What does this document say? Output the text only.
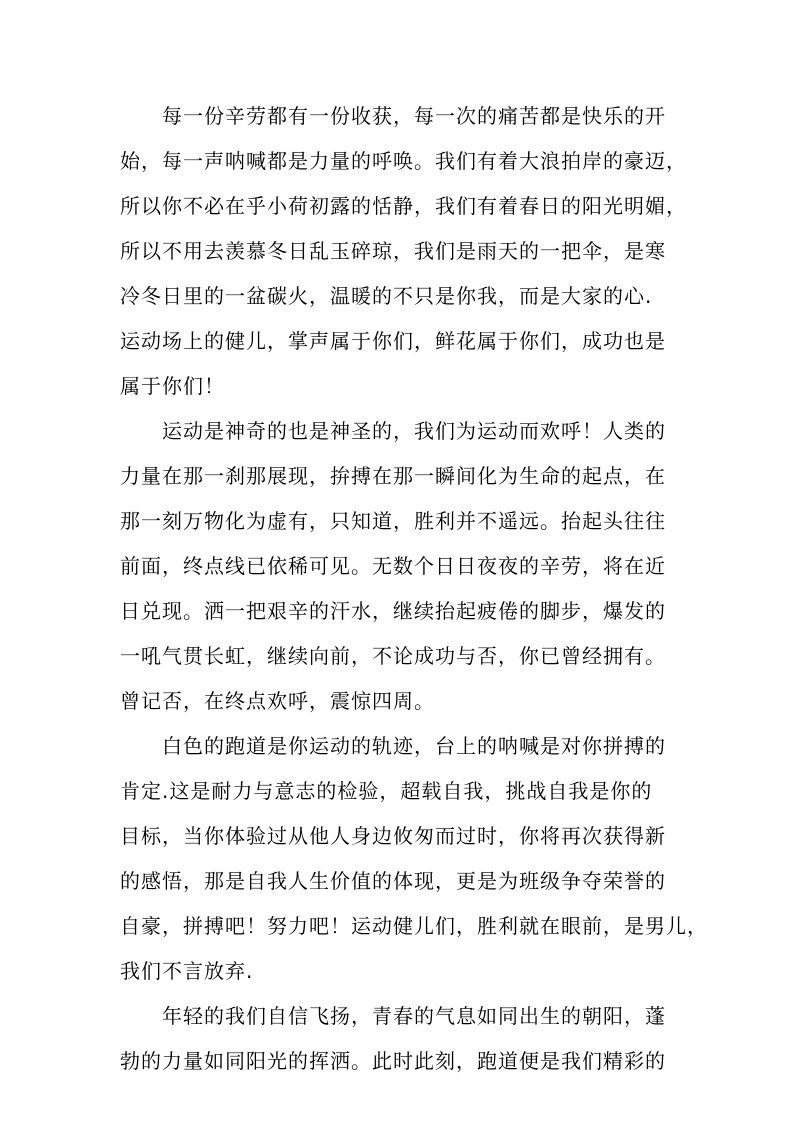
每一份辛劳都有一份收获，每一次的痛苦都是快乐的开
始，每一声呐喊都是力量的呼唤。我们有着大浪拍岸的豪迈，
所以你不必在乎小荷初露的恬静，我们有着春日的阳光明媚，
所以不用去羡慕冬日乱玉碎琼，我们是雨天的一把伞，是寒
冷冬日里的一盆碳火，温暖的不只是你我，而是大家的心.
运动场上的健儿，掌声属于你们，鲜花属于你们，成功也是
属于你们！
运动是神奇的也是神圣的，我们为运动而欢呼！人类的
力量在那一刹那展现，拚搏在那一瞬间化为生命的起点，在
那一刻万物化为虚有，只知道，胜利并不遥远。抬起头往往
前面，终点线已依稀可见。无数个日日夜夜的辛劳，将在近
日兑现。洒一把艰辛的汗水，继续抬起疲倦的脚步，爆发的
一吼气贯长虹，继续向前，不论成功与否，你已曾经拥有。
曾记否，在终点欢呼，震惊四周。
白色的跑道是你运动的轨迹，台上的呐喊是对你拼搏的
肯定.这是耐力与意志的检验，超载自我，挑战自我是你的
目标，当你体验过从他人身边攸匆而过时，你将再次获得新
的感悟，那是自我人生价值的体现，更是为班级争夺荣誉的
自豪，拼搏吧！努力吧！运动健儿们，胜利就在眼前，是男儿，
我们不言放弃.
年轻的我们自信飞扬，青春的气息如同出生的朝阳，蓬
勃的力量如同阳光的挥洒。此时此刻，跑道便是我们精彩的
